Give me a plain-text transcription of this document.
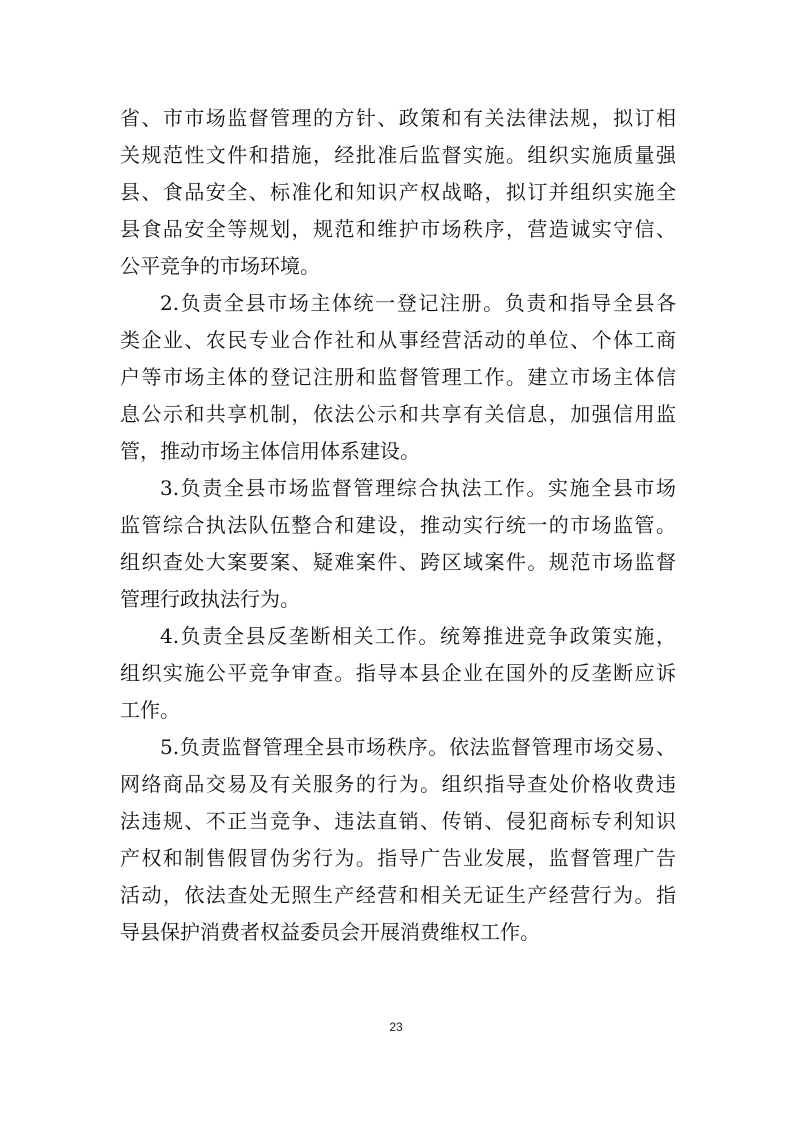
省、市市场监督管理的方针、政策和有关法律法规，拟订相
关规范性文件和措施，经批准后监督实施。组织实施质量强
县、食品安全、标准化和知识产权战略，拟订并组织实施全
县食品安全等规划，规范和维护市场秩序，营造诚实守信、
公平竞争的市场环境。
2.负责全县市场主体统一登记注册。负责和指导全县各
类企业、农民专业合作社和从事经营活动的单位、个体工商
户等市场主体的登记注册和监督管理工作。建立市场主体信
息公示和共享机制，依法公示和共享有关信息，加强信用监
管，推动市场主体信用体系建设。
3.负责全县市场监督管理综合执法工作。实施全县市场
监管综合执法队伍整合和建设，推动实行统一的市场监管。
组织查处大案要案、疑难案件、跨区域案件。规范市场监督
管理行政执法行为。
4.负责全县反垄断相关工作。统筹推进竞争政策实施，
组织实施公平竞争审查。指导本县企业在国外的反垄断应诉
工作。
5.负责监督管理全县市场秩序。依法监督管理市场交易、
网络商品交易及有关服务的行为。组织指导查处价格收费违
法违规、不正当竞争、违法直销、传销、侵犯商标专利知识
产权和制售假冒伪劣行为。指导广告业发展，监督管理广告
活动，依法查处无照生产经营和相关无证生产经营行为。指
导县保护消费者权益委员会开展消费维权工作。
23
